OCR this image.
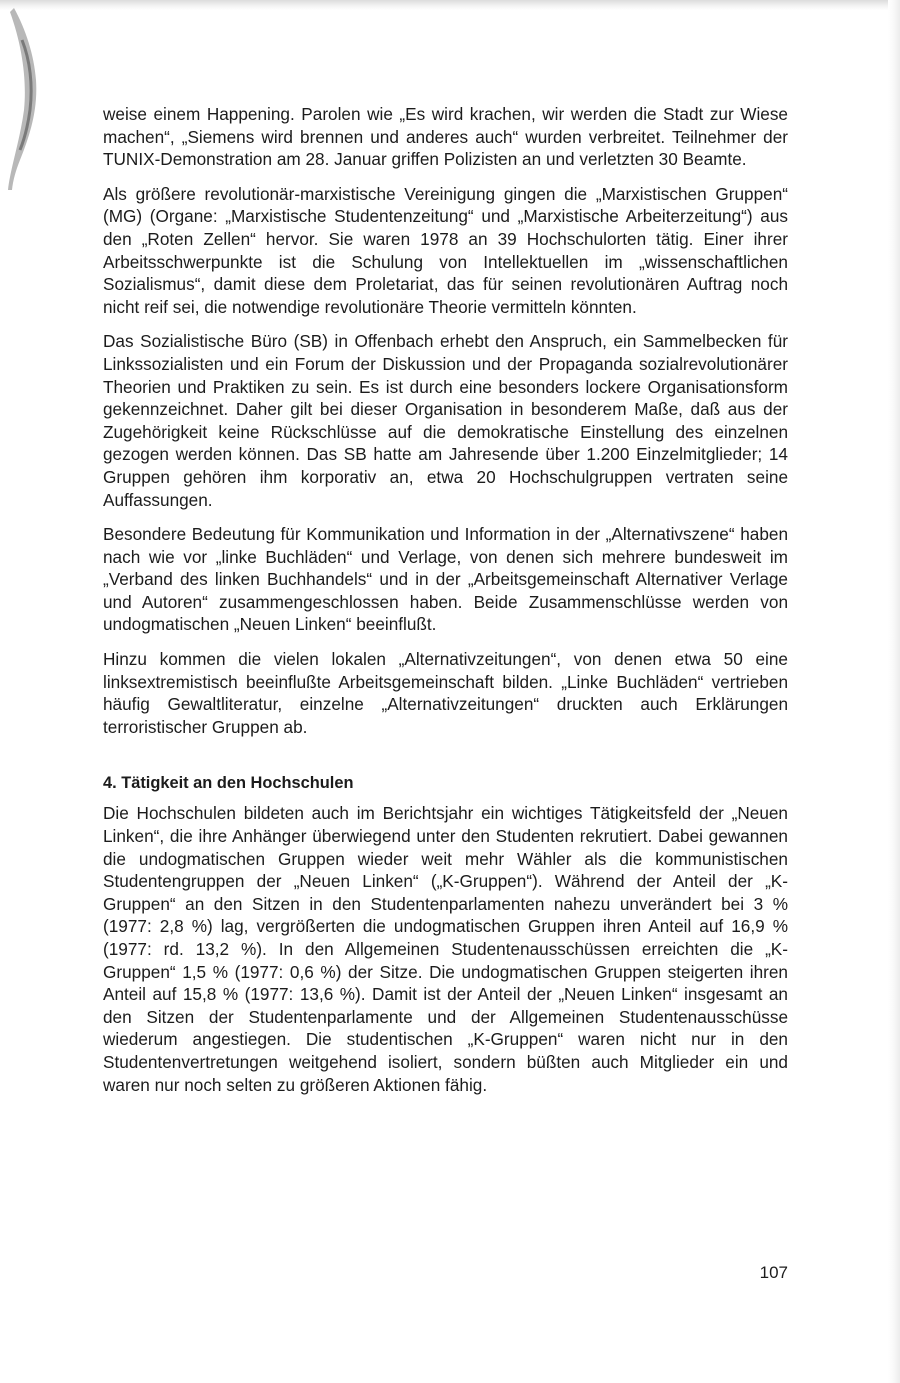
weise einem Happening. Parolen wie „Es wird krachen, wir werden die Stadt zur Wiese machen“, „Siemens wird brennen und anderes auch“ wurden verbreitet. Teilnehmer der TUNIX-Demonstration am 28. Januar griffen Polizisten an und verletzten 30 Beamte.

Als größere revolutionär-marxistische Vereinigung gingen die „Marxistischen Gruppen“ (MG) (Organe: „Marxistische Studentenzeitung“ und „Marxistische Arbeiterzeitung“) aus den „Roten Zellen“ hervor. Sie waren 1978 an 39 Hochschulorten tätig. Einer ihrer Arbeitsschwerpunkte ist die Schulung von Intellektuellen im „wissenschaftlichen Sozialismus“, damit diese dem Proletariat, das für seinen revolutionären Auftrag noch nicht reif sei, die notwendige revolutionäre Theorie vermitteln könnten.

Das Sozialistische Büro (SB) in Offenbach erhebt den Anspruch, ein Sammelbecken für Linkssozialisten und ein Forum der Diskussion und der Propaganda sozialrevolutionärer Theorien und Praktiken zu sein. Es ist durch eine besonders lockere Organisationsform gekennzeichnet. Daher gilt bei dieser Organisation in besonderem Maße, daß aus der Zugehörigkeit keine Rückschlüsse auf die demokratische Einstellung des einzelnen gezogen werden können. Das SB hatte am Jahresende über 1.200 Einzelmitglieder; 14 Gruppen gehören ihm korporativ an, etwa 20 Hochschulgruppen vertraten seine Auffassungen.

Besondere Bedeutung für Kommunikation und Information in der „Alternativszene“ haben nach wie vor „linke Buchläden“ und Verlage, von denen sich mehrere bundesweit im „Verband des linken Buchhandels“ und in der „Arbeitsgemeinschaft Alternativer Verlage und Autoren“ zusammengeschlossen haben. Beide Zusammenschlüsse werden von undogmatischen „Neuen Linken“ beeinflußt.

Hinzu kommen die vielen lokalen „Alternativzeitungen“, von denen etwa 50 eine linksextremistisch beeinflußte Arbeitsgemeinschaft bilden. „Linke Buchläden“ vertrieben häufig Gewaltliteratur, einzelne „Alternativzeitungen“ druckten auch Erklärungen terroristischer Gruppen ab.

4. Tätigkeit an den Hochschulen

Die Hochschulen bildeten auch im Berichtsjahr ein wichtiges Tätigkeitsfeld der „Neuen Linken“, die ihre Anhänger überwiegend unter den Studenten rekrutiert. Dabei gewannen die undogmatischen Gruppen wieder weit mehr Wähler als die kommunistischen Studentengruppen der „Neuen Linken“ („K-Gruppen“). Während der Anteil der „K-Gruppen“ an den Sitzen in den Studentenparlamenten nahezu unverändert bei 3 % (1977: 2,8 %) lag, vergrößerten die undogmatischen Gruppen ihren Anteil auf 16,9 % (1977: rd. 13,2 %). In den Allgemeinen Studentenausschüssen erreichten die „K-Gruppen“ 1,5 % (1977: 0,6 %) der Sitze. Die undogmatischen Gruppen steigerten ihren Anteil auf 15,8 % (1977: 13,6 %). Damit ist der Anteil der „Neuen Linken“ insgesamt an den Sitzen der Studentenparlamente und der Allgemeinen Studentenausschüsse wiederum angestiegen. Die studentischen „K-Gruppen“ waren nicht nur in den Studentenvertretungen weitgehend isoliert, sondern büßten auch Mitglieder ein und waren nur noch selten zu größeren Aktionen fähig.

107
